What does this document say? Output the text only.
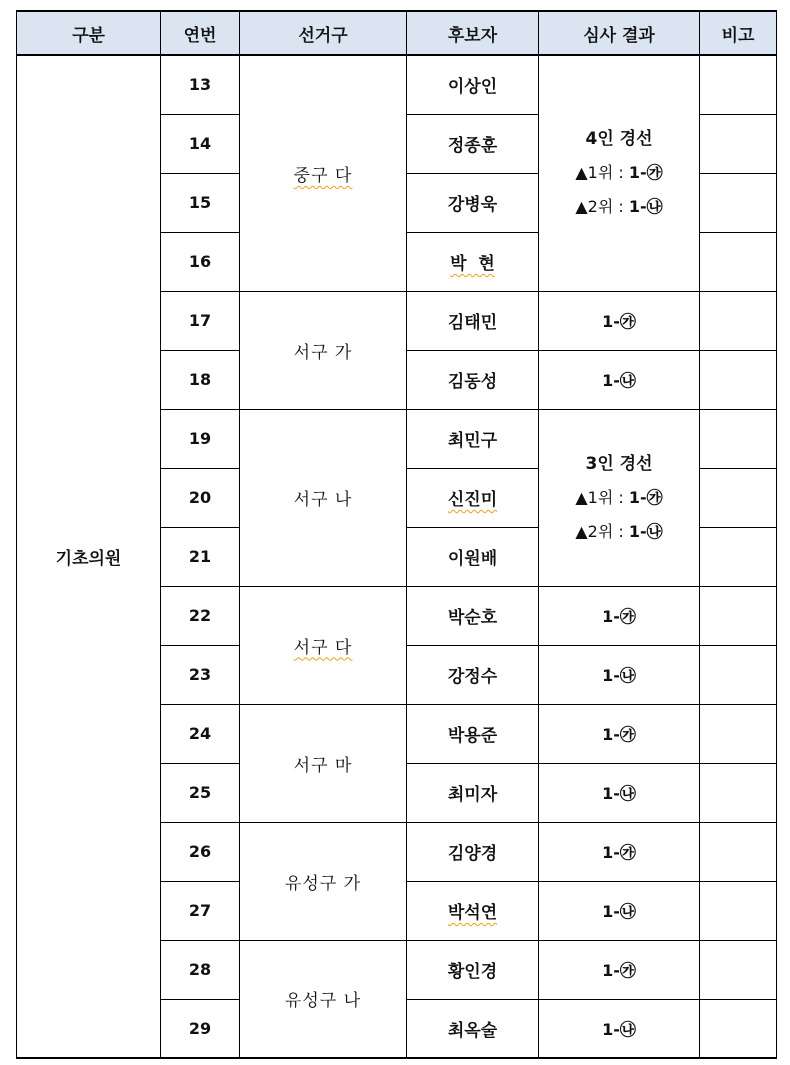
구분	연번	선거구	후보자	심사 결과	비고
기초의원	13	중구 다	이상인	4인 경선
▲1위 : 1-㉮
▲2위 : 1-㉯	

	14		정종훈		
	15		강병욱		
	16		박  현		
	17	서구 가	김태민	1-㉮	
	18		김동성	1-㉯	
	19	서구 나	최민구	3인 경선
▲1위 : 1-㉮
▲2위 : 1-㉯	

	20		신진미		
	21		이원배		
	22	서구 다	박순호	1-㉮	
	23		강정수	1-㉯	
	24	서구 마	박용준	1-㉮	
	25		최미자	1-㉯	
	26	유성구 가	김양경	1-㉮	
	27		박석연	1-㉯	
	28	유성구 나	황인경	1-㉮	
	29		최옥술	1-㉯	
